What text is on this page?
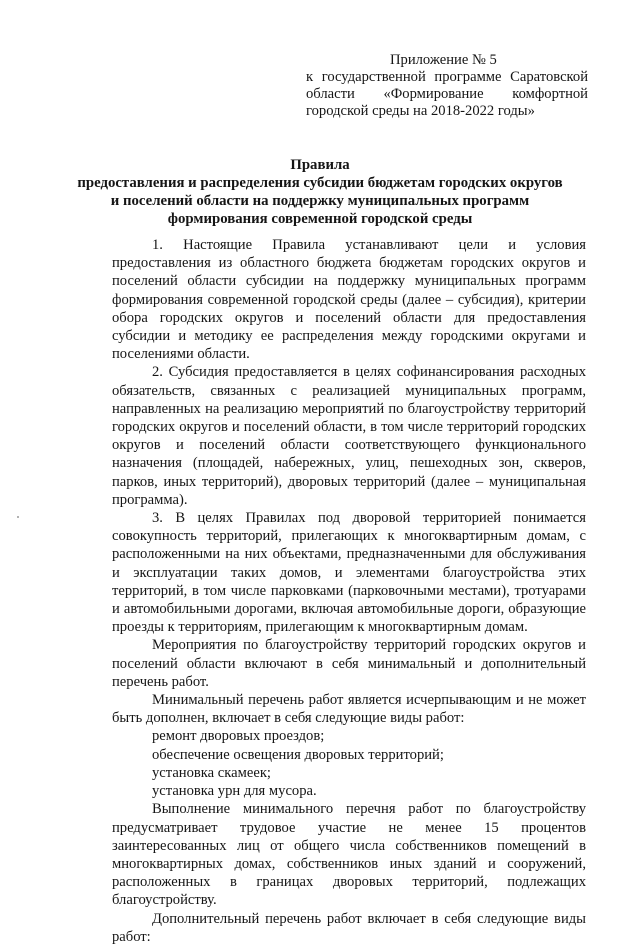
Приложение № 5
к государственной программе Саратовской области «Формирование комфортной городской среды на 2018-2022 годы»
Правила
предоставления и распределения субсидии бюджетам городских округов
и поселений области на поддержку муниципальных программ
формирования современной городской среды

1. Настоящие Правила устанавливают цели и условия предоставления из областного бюджета бюджетам городских округов и поселений области субсидии на поддержку муниципальных программ формирования современной городской среды (далее – субсидия), критерии обора городских округов и поселений области для предоставления субсидии и методику ее распределения между городскими округами и поселениями области.

2. Субсидия предоставляется в целях софинансирования расходных обязательств, связанных с реализацией муниципальных программ, направленных на реализацию мероприятий по благоустройству территорий городских округов и поселений области, в том числе территорий городских округов и поселений области соответствующего функционального назначения (площадей, набережных, улиц, пешеходных зон, скверов, парков, иных территорий), дворовых территорий (далее – муниципальная программа).

3. В целях Правилах под дворовой территорией понимается совокупность территорий, прилегающих к многоквартирным домам, с расположенными на них объектами, предназначенными для обслуживания и эксплуатации таких домов, и элементами благоустройства этих территорий, в том числе парковками (парковочными местами), тротуарами и автомобильными дорогами, включая автомобильные дороги, образующие проезды к территориям, прилегающим к многоквартирным домам.

Мероприятия по благоустройству территорий городских округов и поселений области включают в себя минимальный и дополнительный перечень работ.

Минимальный перечень работ является исчерпывающим и не может быть дополнен, включает в себя следующие виды работ:

ремонт дворовых проездов;

обеспечение освещения дворовых территорий;

установка скамеек;

установка урн для мусора.

Выполнение минимального перечня работ по благоустройству предусматривает трудовое участие не менее 15 процентов заинтересованных лиц от общего числа собственников помещений в многоквартирных домах, собственников иных зданий и сооружений, расположенных в границах дворовых территорий, подлежащих благоустройству.

Дополнительный перечень работ включает в себя следующие виды работ:
